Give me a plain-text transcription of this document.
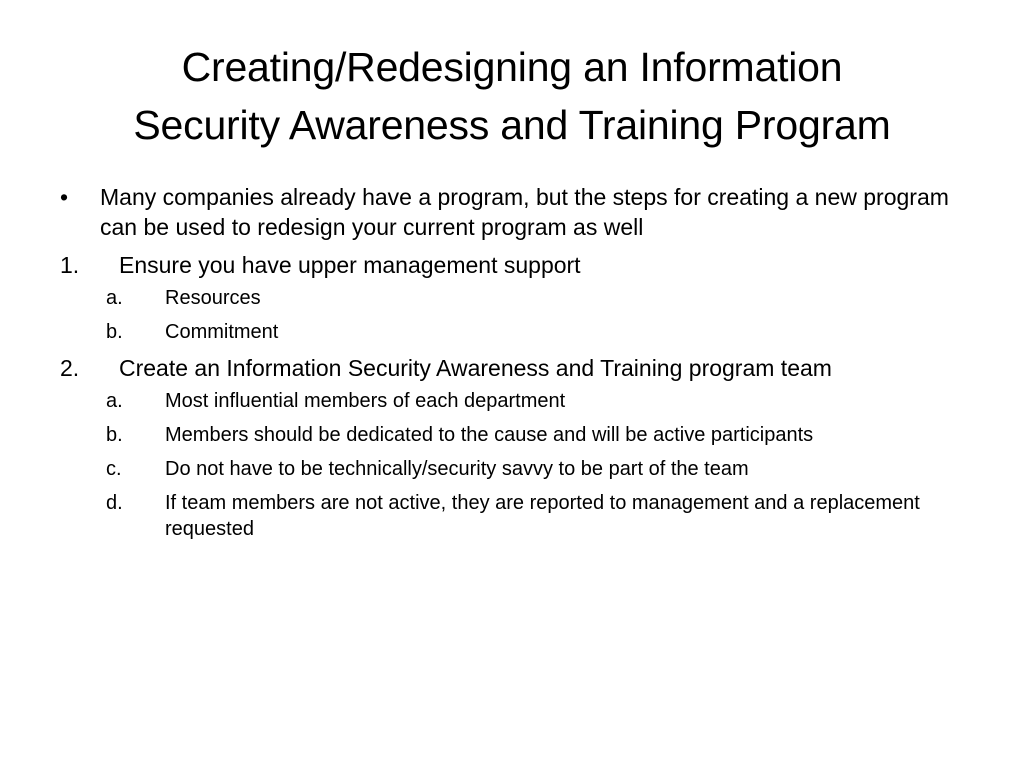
Creating/Redesigning an Information
Security Awareness and Training Program
• Many companies already have a program, but the steps for creating a new program can be used to redesign your current program as well
1. Ensure you have upper management support
a. Resources
b. Commitment
2. Create an Information Security Awareness and Training program team
a. Most influential members of each department
b. Members should be dedicated to the cause and will be active participants
c. Do not have to be technically/security savvy to be part of the team
d. If team members are not active, they are reported to management and a replacement requested
